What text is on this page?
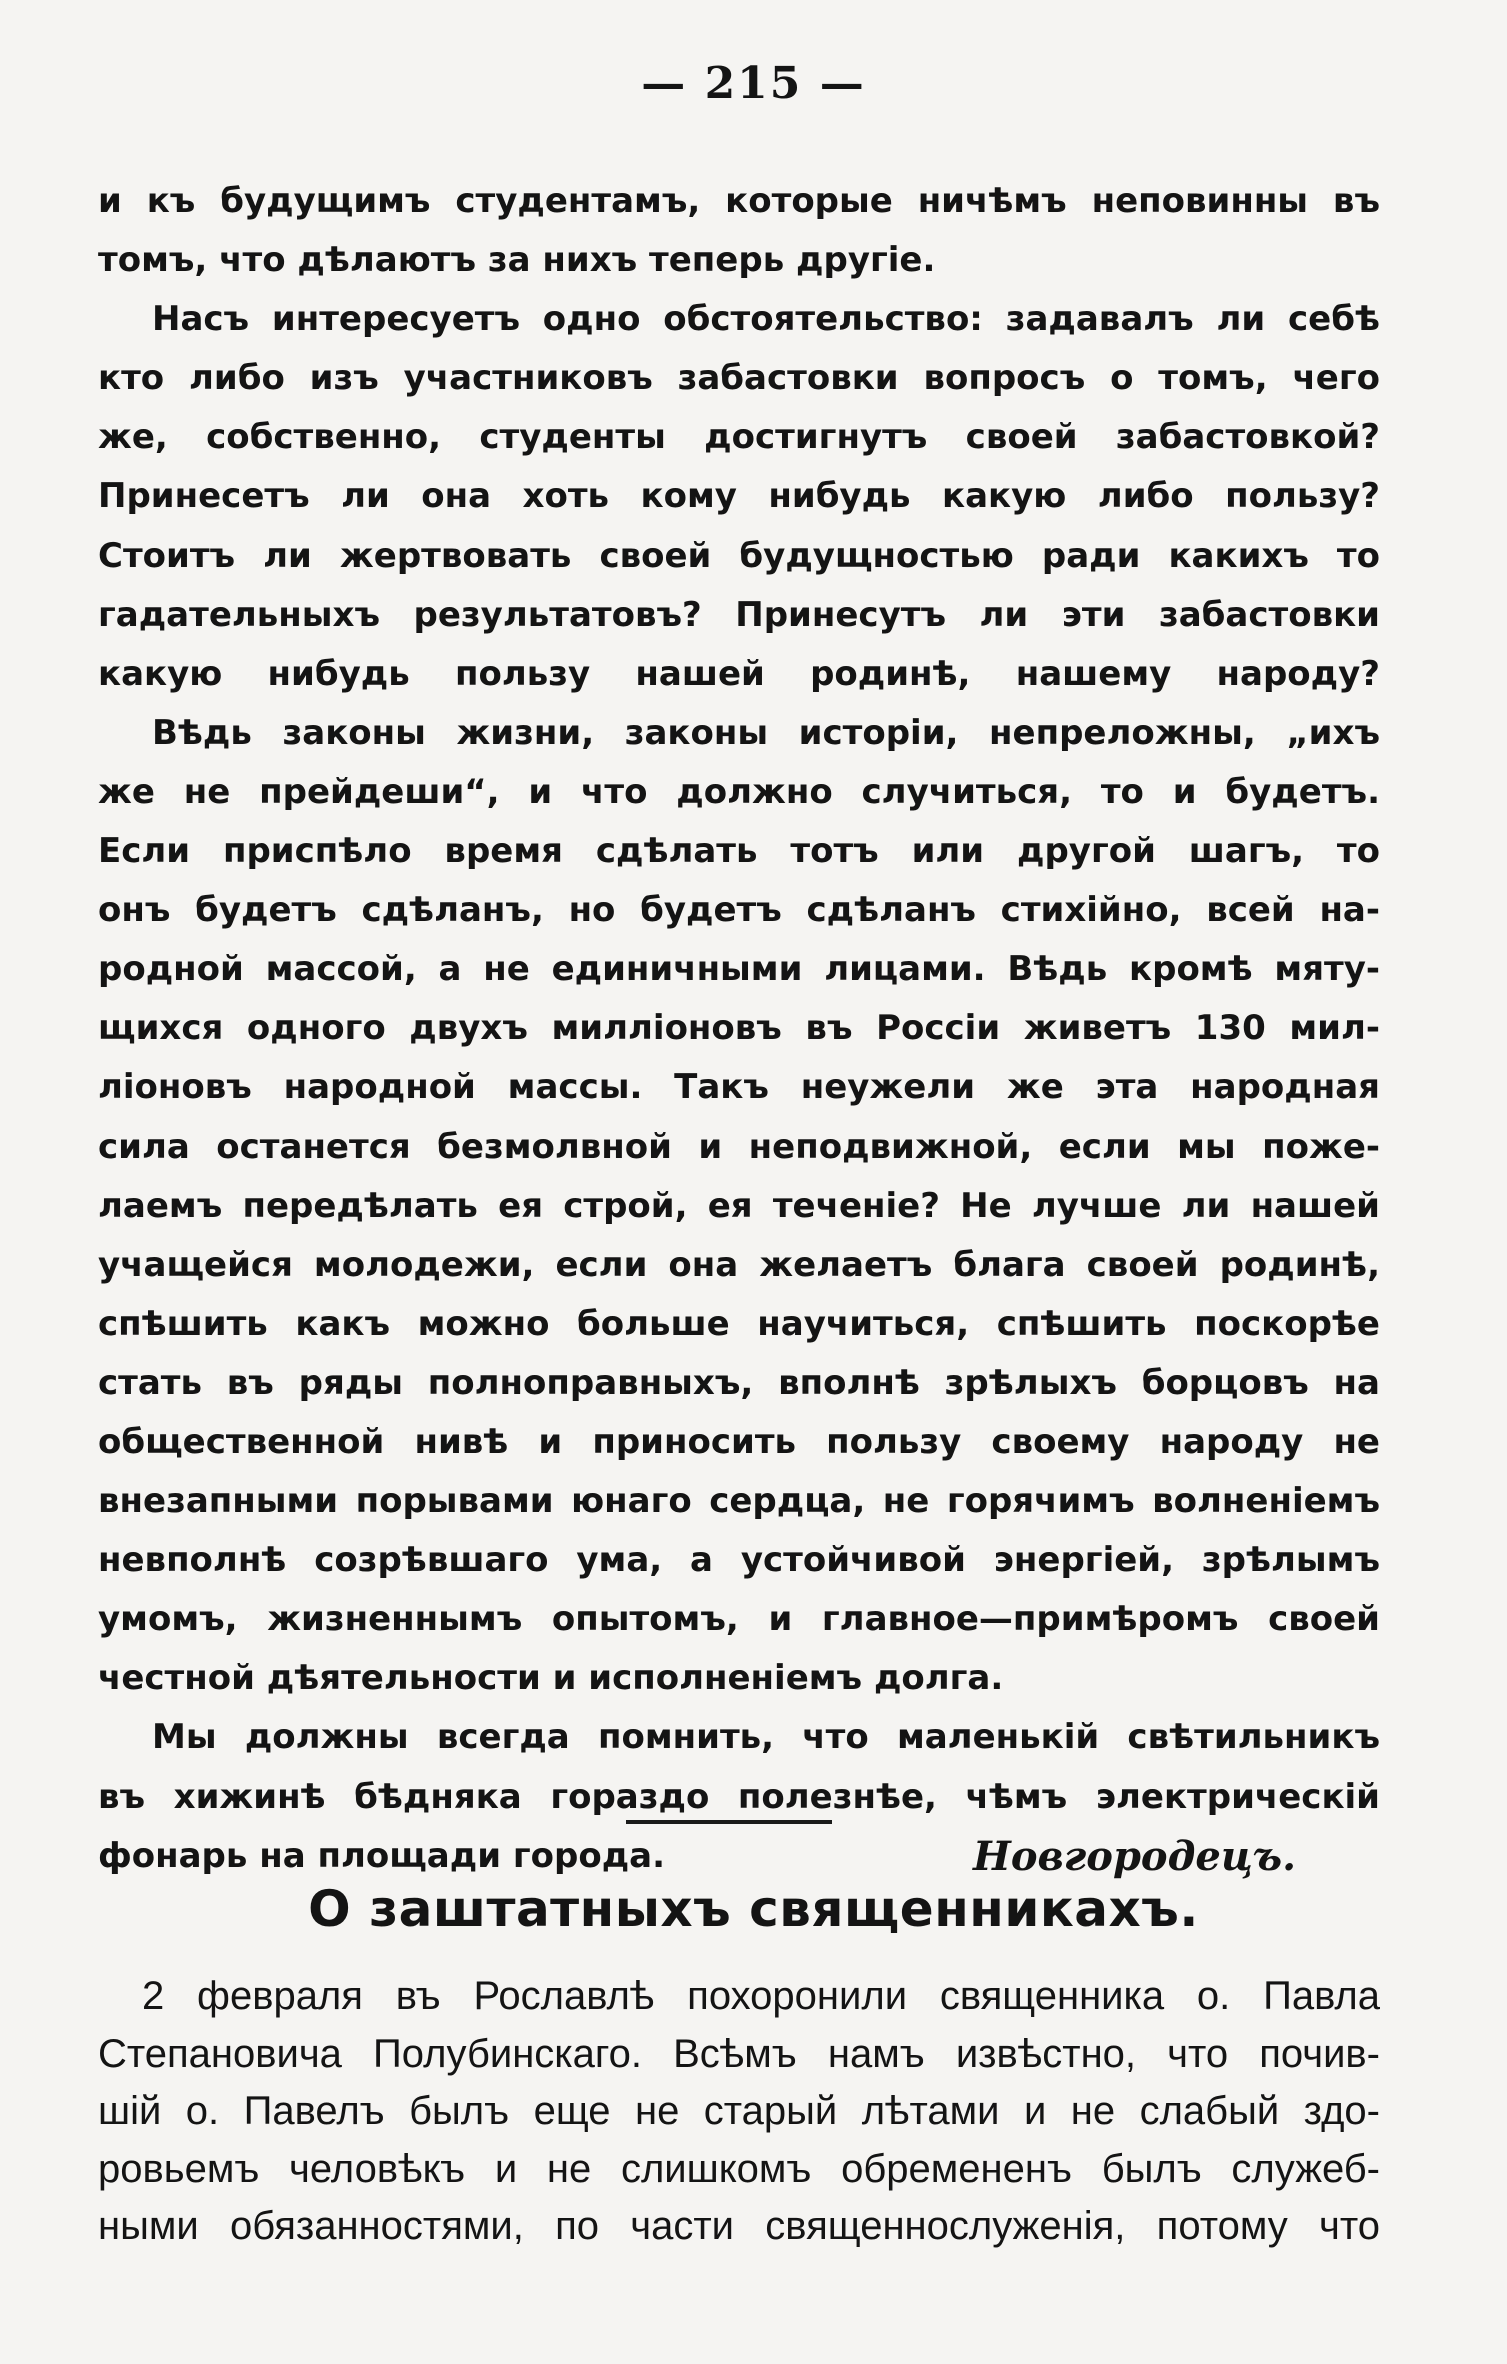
— 215 —

и къ будущимъ студентамъ, которые ничѣмъ неповинны въ
томъ, что дѣлаютъ за нихъ теперь другіе.

Насъ интересуетъ одно обстоятельство: задавалъ ли себѣ
кто либо изъ участниковъ забастовки вопросъ о томъ, чего
же, собственно, студенты достигнутъ своей забастовкой?
Принесетъ ли она хоть кому нибудь какую либо пользу?
Стоитъ ли жертвовать своей будущностью ради какихъ то
гадательныхъ результатовъ? Принесутъ ли эти забастовки
какую нибудь пользу нашей родинѣ, нашему народу?

Вѣдь законы жизни, законы исторіи, непреложны, „ихъ
же не прейдеши“, и что должно случиться, то и будетъ.
Если приспѣло время сдѣлать тотъ или другой шагъ, то
онъ будетъ сдѣланъ, но будетъ сдѣланъ стихійно, всей на-
родной массой, а не единичными лицами. Вѣдь кромѣ мяту-
щихся одного двухъ милліоновъ въ Россіи живетъ 130 мил-
ліоновъ народной массы. Такъ неужели же эта народная
сила останется безмолвной и неподвижной, если мы поже-
лаемъ передѣлать ея строй, ея теченіе? Не лучше ли нашей
учащейся молодежи, если она желаетъ блага своей родинѣ,
спѣшить какъ можно больше научиться, спѣшить поскорѣе
стать въ ряды полноправныхъ, вполнѣ зрѣлыхъ борцовъ на
общественной нивѣ и приносить пользу своему народу не
внезапными порывами юнаго сердца, не горячимъ волненіемъ
невполнѣ созрѣвшаго ума, а устойчивой энергіей, зрѣлымъ
умомъ, жизненнымъ опытомъ, и главное—примѣромъ своей
честной дѣятельности и исполненіемъ долга.

Мы должны всегда помнить, что маленькій свѣтильникъ
въ хижинѣ бѣдняка гораздо полезнѣе, чѣмъ электрическій
фонарь на площади города.	Новгородецъ.

О заштатныхъ священникахъ.

2 февраля въ Рославлѣ похоронили священника о. Павла
Степановича Полубинскаго. Всѣмъ намъ извѣстно, что почив-
шій о. Павелъ былъ еще не старый лѣтами и не слабый здо-
ровьемъ человѣкъ и не слишкомъ обремененъ былъ служеб-
ными обязанностями, по части священнослуженія, потому что
